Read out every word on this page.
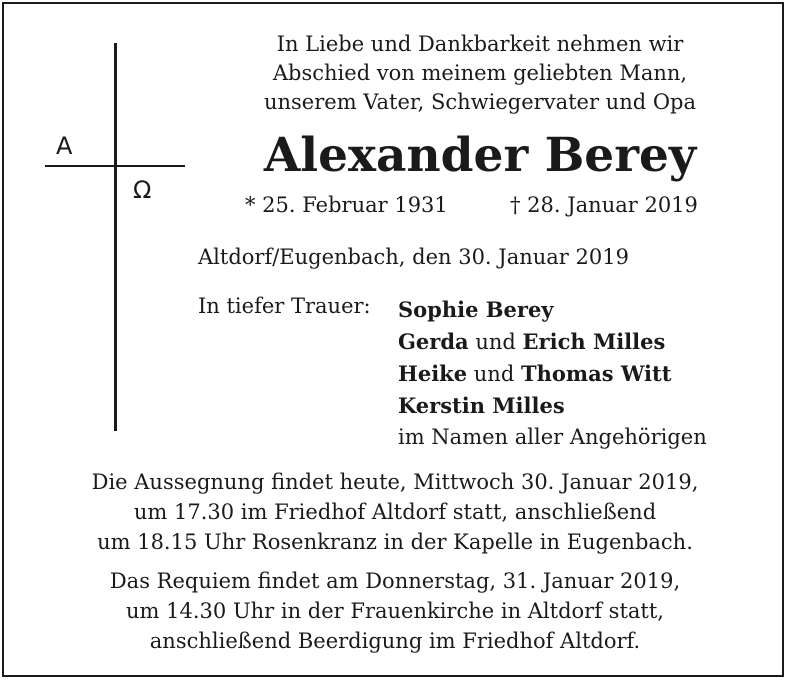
A
Ω
In Liebe und Dankbarkeit nehmen wir
Abschied von meinem geliebten Mann,
unserem Vater, Schwiegervater und Opa
Alexander Berey
* 25. Februar 1931	† 28. Januar 2019
Altdorf/Eugenbach, den 30. Januar 2019
In tiefer Trauer: Sophie Berey
Gerda und Erich Milles
Heike und Thomas Witt
Kerstin Milles
im Namen aller Angehörigen
Die Aussegnung findet heute, Mittwoch 30. Januar 2019,
um 17.30 im Friedhof Altdorf statt, anschließend
um 18.15 Uhr Rosenkranz in der Kapelle in Eugenbach.
Das Requiem findet am Donnerstag, 31. Januar 2019,
um 14.30 Uhr in der Frauenkirche in Altdorf statt,
anschließend Beerdigung im Friedhof Altdorf.
